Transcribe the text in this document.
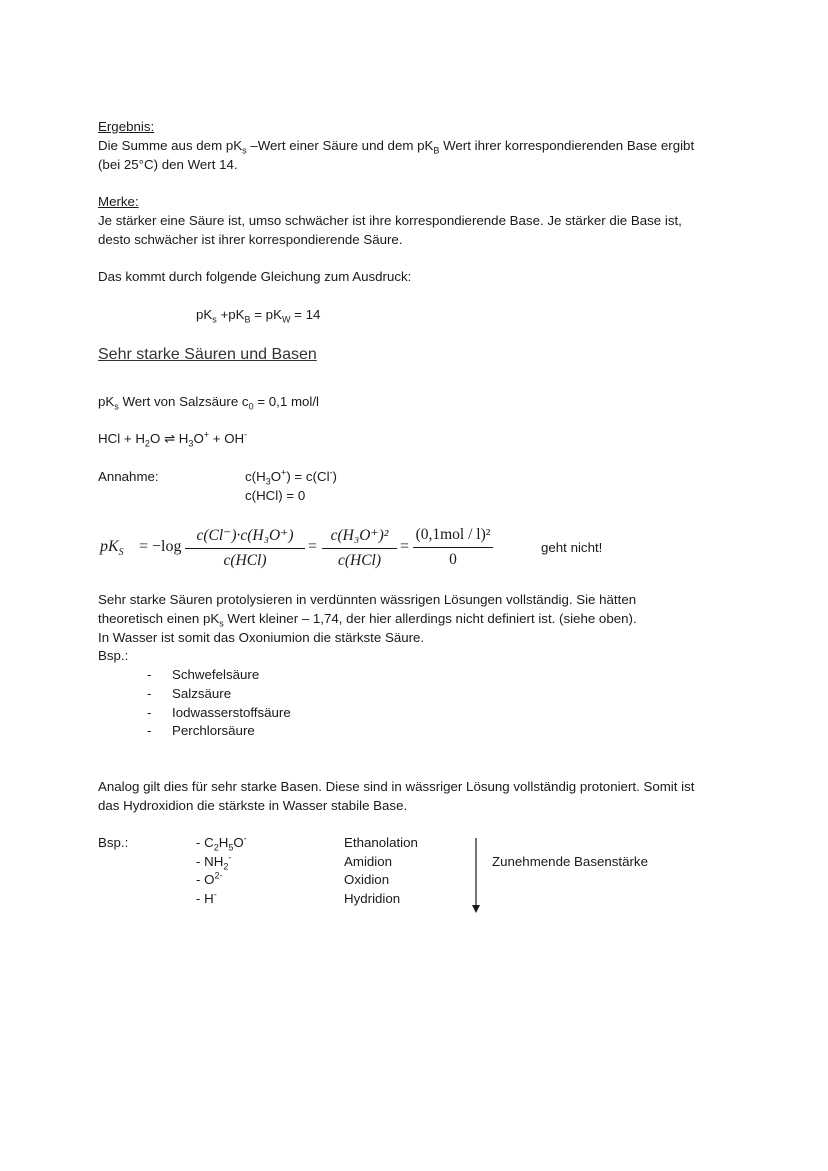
Ergebnis:
Die Summe aus dem $pK_s$ –Wert einer Säure und dem $pK_B$ Wert ihrer korrespondierenden Base ergibt
(bei 25°C) den Wert 14.
Merke:
Je stärker eine Säure ist, umso schwächer ist ihre korrespondierende Base. Je stärker die Base ist,
desto schwächer ist ihrer korrespondierende Säure.
Das kommt durch folgende Gleichung zum Ausdruck:
$pK_s +pK_B = pK_W = 14$
Sehr starke Säuren und Basen
$pK_s$ Wert von Salzsäure $c_0 = 0,1$ mol/l
HCl + $H_2O$ ⇌ $H_3O^+ + OH^-$
Annahme:	$c(H_3O^+) = c(Cl^-)$
c(HCl) = 0
$pK_S = -\log$
c(Cl⁻)·c(H₃O⁺)
c(HCl)
=
c(H₃O⁺)²
c(HCl)
=
(0,1mol / l)²
0
geht nicht!
Sehr starke Säuren protolysieren in verdünnten wässrigen Lösungen vollständig. Sie hätten
theoretisch einen $pK_s$ Wert kleiner – 1,74, der hier allerdings nicht definiert ist. (siehe oben).
In Wasser ist somit das Oxoniumion die stärkste Säure.
Bsp.:
- Schwefelsäure
- Salzsäure
- Iodwasserstoffsäure
- Perchlorsäure
Analog gilt dies für sehr starke Basen. Diese sind in wässriger Lösung vollständig protoniert. Somit ist
das Hydroxidion die stärkste in Wasser stabile Base.
Bsp.:	- $C_2H_5O^-$
- $NH_2^-$
- $O^{2-}$
- H-
Ethanolation
Amidion
Oxidion
Hydridion
Zunehmende Basenstärke
